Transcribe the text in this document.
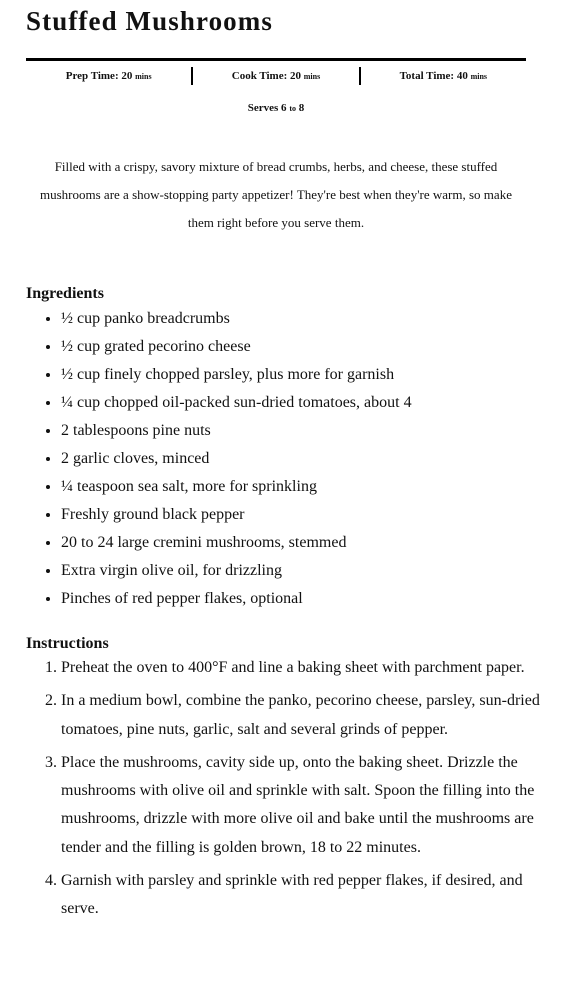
Stuffed Mushrooms
Prep Time: 20 mins	Cook Time: 20 mins	Total Time: 40 mins
Serves 6 to 8

Filled with a crispy, savory mixture of bread crumbs, herbs, and cheese, these stuffed mushrooms are a show-stopping party appetizer! They're best when they're warm, so make them right before you serve them.

Ingredients
• ½ cup panko breadcrumbs
• ½ cup grated pecorino cheese
• ½ cup finely chopped parsley, plus more for garnish
• ¼ cup chopped oil-packed sun-dried tomatoes, about 4
• 2 tablespoons pine nuts
• 2 garlic cloves, minced
• ¼ teaspoon sea salt, more for sprinkling
• Freshly ground black pepper
• 20 to 24 large cremini mushrooms, stemmed
• Extra virgin olive oil, for drizzling
• Pinches of red pepper flakes, optional
Instructions
1. Preheat the oven to 400°F and line a baking sheet with parchment paper.
2. In a medium bowl, combine the panko, pecorino cheese, parsley, sun-dried tomatoes, pine nuts, garlic, salt and several grinds of pepper.
3. Place the mushrooms, cavity side up, onto the baking sheet. Drizzle the mushrooms with olive oil and sprinkle with salt. Spoon the filling into the mushrooms, drizzle with more olive oil and bake until the mushrooms are tender and the filling is golden brown, 18 to 22 minutes.
4. Garnish with parsley and sprinkle with red pepper flakes, if desired, and serve.
